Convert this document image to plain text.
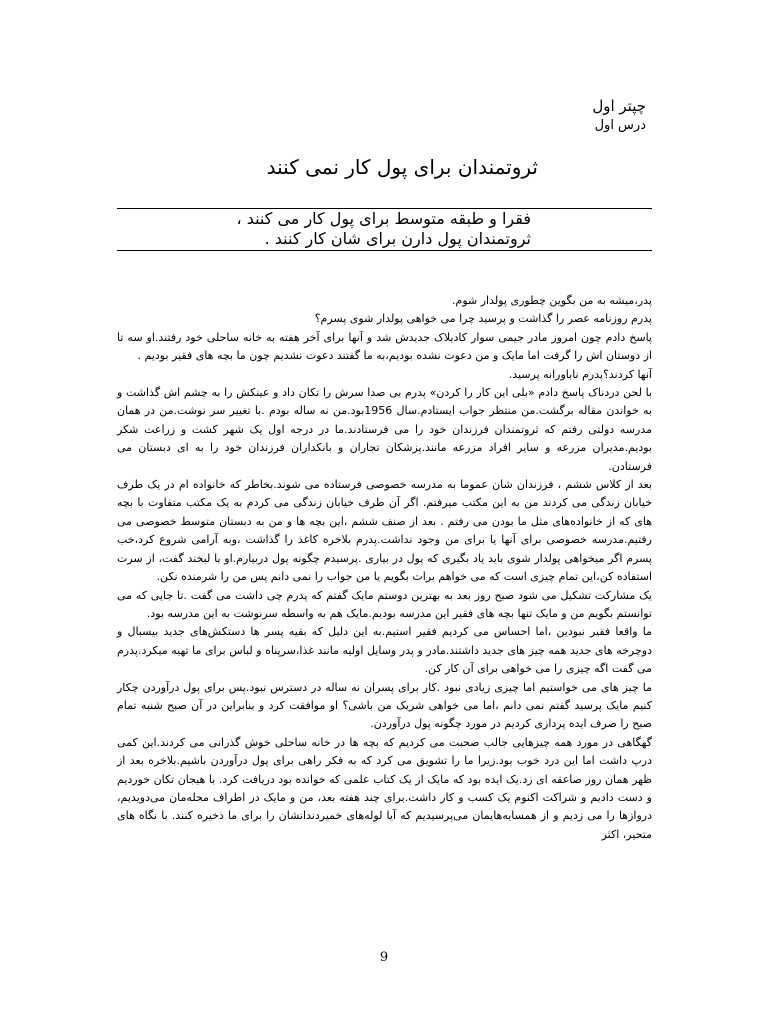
چپتر اول
درس اول
ثروتمندان برای پول کار نمی کنند
فقرا و طبقه متوسط برای پول کار می کنند ،
ثروتمندان پول دارن برای شان کار کنند .
پدر،میشه به من بگوین چطوری پولدار شوم.
پدرم روزنامه عصر را گذاشت و پرسید چرا می خواهی پولدار شوی پسرم؟
پاسخ دادم چون امروز مادر جیمی سوار کادیلاک جدیدش شد و آنها برای آخر هفته به خانه ساحلی خود رفتند.او سه تا از دوستان اش را گرفت اما مایک و من دعوت نشده بودیم،به ما گفتند دعوت نشدیم چون ما بچه های فقیر بودیم .
آنها کردند؟پدرم ناباورانه پرسید.
با لحن دردناک پاسخ دادم «بلی این کار را کردن» پدرم بی صدا سرش را تکان داد و عینکش را به چشم اش گذاشت و به خواندن مقاله برگشت.من منتظر جواب ایستادم.سال 1956بود.من نه ساله بودم .با تغییر سر نوشت.من در همان مدرسه دولتی رفتم که ثروتمندان فرزندان خود را می فرستادند.ما در درجه اول یک شهر کشت و زراعت شکر بودیم.مدیران مزرعه و سایر افراد مزرعه مانند.پزشکان تجاران و بانکداران فرزندان خود را به ای دبستان می فرستادن.
بعد از کلاس ششم ، فرزندان شان عموما به مدرسه خصوصی فرستاده می شوند.بخاطر که خانواده ام در یک طرف خیابان زندگی می کردند من به این مکتب میرفتم. اگر آن طرف خیابان زندگی می کردم به یک مکتب متفاوت با بچه های که از خانواده‌های مثل ما بودن می رفتم . بعد از صنف ششم ،این بچه ها و من به دبستان متوسط خصوصی می رفتیم.مدرسه خصوصی برای آنها یا برای من وجود نداشت.پدرم بلاخره کاغذ را گذاشت ،وبه آرامی شروع کرد،خب پسرم اگر میخواهی پولدار شوی باید یاد بگیری که پول در بیاری .پرسیدم چگونه پول دربیارم.او با لبخند گفت، از سرت استفاده کن،این تمام چیزی است که می خواهم برات بگویم یا من جواب را نمی دانم پس من را شرمنده نکن.
یک مشارکت تشکیل می شود صبح روز بعد به بهترین دوستم مایک گفتم که پدرم چی داشت می گفت .تا جایی که می توانستم بگویم من و مایک تنها بچه های فقیر این مدرسه بودیم.مایک هم به واسطه سرنوشت به این مدرسه بود.
ما واقعا فقیر نبودین ،اما احساس می کردیم فقیر استیم.به این دلیل که بقیه پسر ها دستکش‌های جدید بیسبال و دوچرخه های جدید همه چیز های جدید داشتند.مادر و پدر وسایل اولیه مانند غذا،سرپناه و لباس برای ما تهیه میکرد.پدرم می گفت اگه چیزی را می خواهی برای آن کار کن.
ما چیز های می خواستیم اما چیزی زیادی نبود .کار برای پسران نه ساله در دسترس نبود.پس برای پول درآوردن چکار کنیم مایک پرسید گفتم نمی دانم ،اما می خواهی شریک من باشی؟ او موافقت کرد و بنابراین در آن صبح شنبه تمام صبح را صرف ایده پردازی کردیم در مورد چگونه پول درآوردن.
گهگاهی در مورد همه چیزهایی جالب صحبت می کردیم که بچه ها در خانه ساحلی خوش گذرانی می کردند.این کمی درپ داشت اما این درد خوب بود.زیرا ما را تشویق می کرد که به فکر راهی برای پول درآوردن باشیم.بلاخره بعد از ظهر همان روز صاعقه ای زد.یک ایده بود که مایک از یک کتاب علمی که خوانده بود دریافت کرد. با هیجان تکان خوردیم و دست دادیم و شراکت اکنوم یک کسب و کار داشت.برای چند هفته بعد، من و مایک در اطراف محله‌مان می‌دویدیم، دروازها را می زدیم و از همسایه‌هایمان می‌پرسیدیم که آیا لوله‌های خمیردندانشان را برای ما ذخیره کنند. با نگاه های متحیر، اکثر
9
